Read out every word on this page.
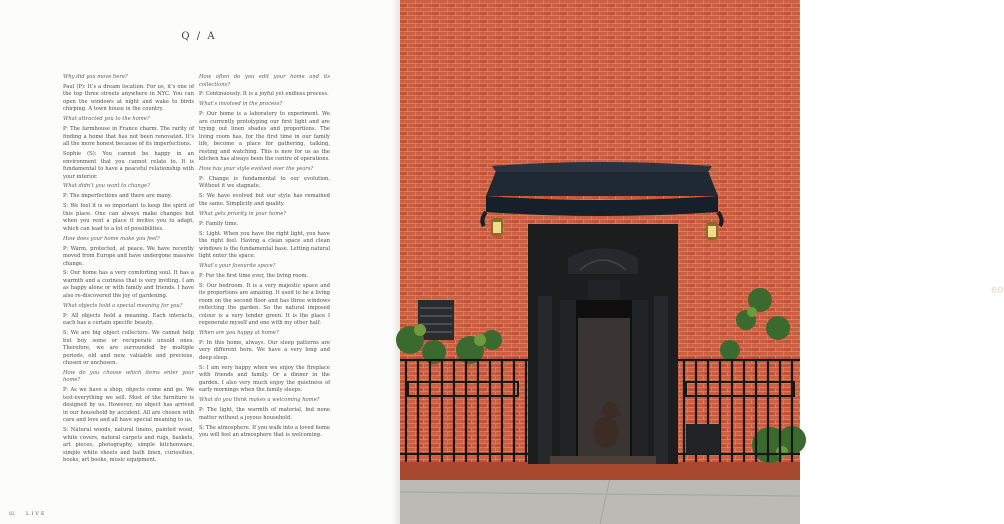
Q / A

Why did you move here?

Paul (P): It’s a dream location. For us, it’s one of the top three streets anywhere in NYC. You can open the windows at night and wake to birds chirping. A town house in the country.

What attracted you to the home?

P: The farmhouse in France charm. The rarity of finding a home that has not been renovated. It’s all the more honest because of its imperfections.

Sophie (S): You cannot be happy in an environment that you cannot relate to. It is fundamental to have a peaceful relationship with your interior.

What didn’t you want to change?

P: The imperfections and there are many.

S: We feel it is so important to keep the spirit of this place. One can always make changes but when you rent a place it invites you to adapt, which can lead to a lot of possibilities.

How does your home make you feel?

P: Warm, protected, at peace. We have recently moved from Europe and have undergone massive change.

S: Our home has a very comforting soul. It has a warmth and a coziness that is very inviting. I am as happy alone or with family and friends. I have also re-discovered the joy of gardening.

What objects hold a special meaning for you?

P: All objects hold a meaning. Each interacts, each has a certain specific beauty.

S: We are big object collectors. We cannot help but buy some or recuperate unsold ones. Therefore, we are surrounded by multiple periods, old and new, valuable and precious, chosen or unchosen.

How do you choose which items enter your home?

P: As we have a shop, objects come and go. We test-everything we sell. Most of the furniture is designed by us. However, no object has arrived in our household by accident. All are chosen with care and love and all have special meaning to us.

S: Natural woods, natural linens, painted wood, white covers, natural carpets and rugs, baskets, art pieces, photography, simple kitchenware, simple white sheets and bath linen, curiosities, books, art books, music equipment.

How often do you edit your home and its collections?

P: Continuously. It is a joyful yet endless process.

What’s involved in the process?

P: Our home is a laboratory to experiment. We are currently prototyping our first light and are trying out linen shades and proportions. The living room has, for the first time in our family life, become a place for gathering, talking, resting and watching. This is new for us as the kitchen has always been the centre of operations.

How has your style evolved over the years?

P: Change is fundamental to our evolution. Without it we stagnate.

S: We have evolved but our style has remained the same. Simplicity and quality.

What gets priority in your home?

P: Family time.

S: Light. When you have the right light, you have the right feel. Having a clean space and clean windows is the fundamental base. Letting natural light enter the space.

What’s your favourite space?

P: For the first time ever, the living room.

S: Our bedroom. It is a very majestic space and its proportions are amazing. It used to be a living room on the second floor and has three windows reflecting the garden. So the natural imposed colour is a very tender green. It is the place I regenerate myself and one with my other half.

When are you happy at home?

P: In this home, always. Our sleep patterns are very different here. We have a very long and deep sleep.

S: I am very happy when we enjoy the fireplace with friends and family. Or a dinner in the garden. I also very much enjoy the quietness of early mornings when the family sleeps.

What do you think makes a welcoming home?

P: The light, the warmth of material, but none matter without a joyous household.

S: The atmosphere. If you walk into a loved home you will feel an atmosphere that is welcoming.

82 LIVE
60
